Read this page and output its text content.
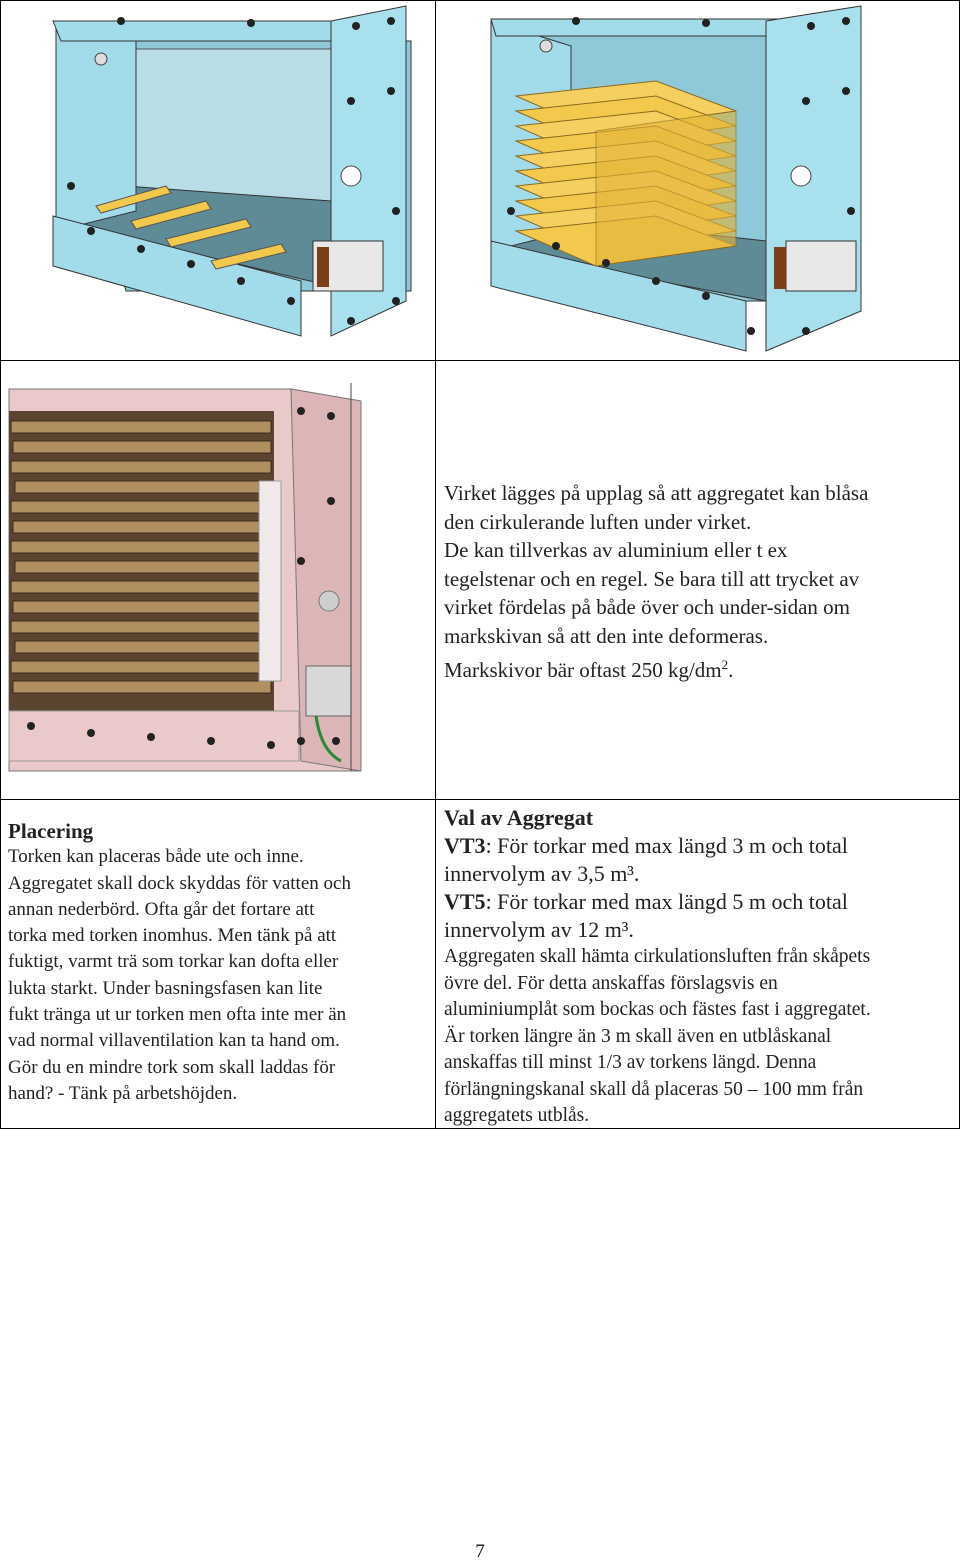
Virket lägges på upplag så att aggregatet kan blåsa
den cirkulerande luften under virket.
De kan tillverkas av aluminium eller t ex
tegelstenar och en regel. Se bara till att trycket av
virket fördelas på både över och under-sidan om
markskivan så att den inte deformeras.
Markskivor bär oftast 250 $kg/dm^2$.
Placering
Torken kan placeras både ute och inne.
Aggregatet skall dock skyddas för vatten och
annan nederbörd. Ofta går det fortare att
torka med torken inomhus. Men tänk på att
fuktigt, varmt trä som torkar kan dofta eller
lukta starkt. Under basningsfasen kan lite
fukt tränga ut ur torken men ofta inte mer än
vad normal villaventilation kan ta hand om.
Gör du en mindre tork som skall laddas för
hand? - Tänk på arbetshöjden.
Val av Aggregat
VT3: För torkar med max längd 3 m och total
innervolym av 3,5 m³.
VT5: För torkar med max längd 5 m och total
innervolym av 12 m³.
Aggregaten skall hämta cirkulationsluften från skåpets
övre del. För detta anskaffas förslagsvis en
aluminiumplåt som bockas och fästes fast i aggregatet.
Är torken längre än 3 m skall även en utblåskanal
anskaffas till minst 1/3 av torkens längd. Denna
förlängningskanal skall då placeras 50 – 100 mm från
aggregatets utblås.
7
